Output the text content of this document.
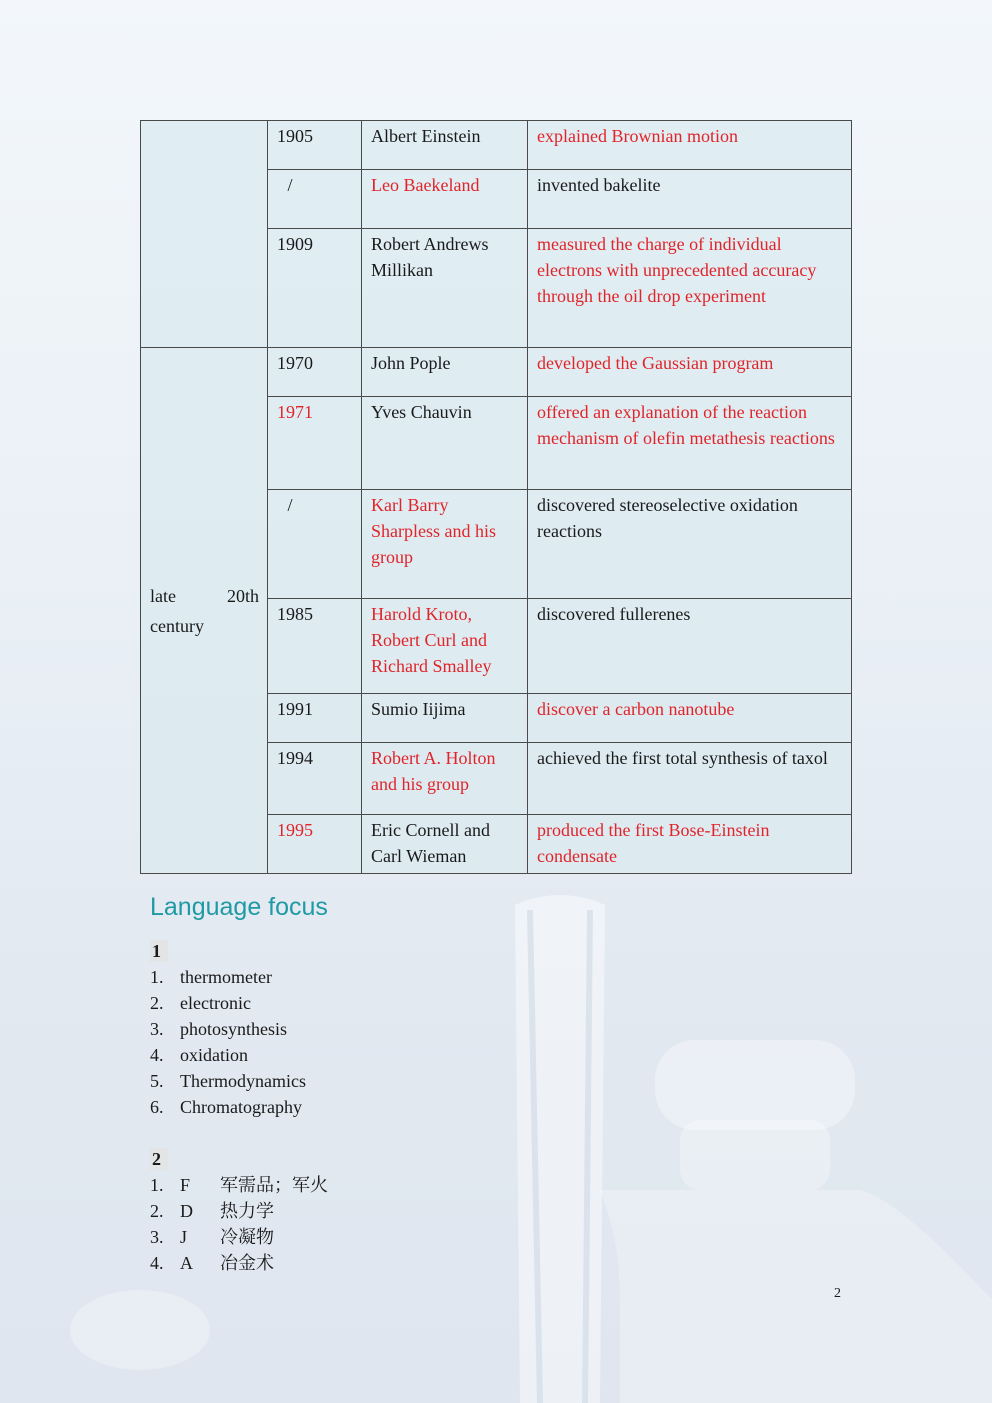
	1905	Albert Einstein	explained Brownian motion

	/	Leo Baekeland	invented bakelite
	1909	Robert Andrews Millikan	measured the charge of individual electrons with unprecedented accuracy through the oil drop experiment

late 20th
century	1970	John Pople	developed the Gaussian program
	1971	Yves Chauvin	offered an explanation of the reaction mechanism of olefin metathesis reactions

	/	Karl Barry Sharpless and his group	discovered stereoselective oxidation reactions
	1985	Harold Kroto, Robert Curl and Richard Smalley	discovered fullerenes
	1991	Sumio Iijima	discover a carbon nanotube
	1994	Robert A. Holton and his group	achieved the first total synthesis of taxol
	1995	Eric Cornell and Carl Wieman	produced the first Bose-Einstein condensate
Language focus
1
1. thermometer
2. electronic
3. photosynthesis
4. oxidation
5. Thermodynamics
6. Chromatography
2
1. F	军需品；军火
2. D	热力学
3. J	冷凝物
4. A	冶金术
2
